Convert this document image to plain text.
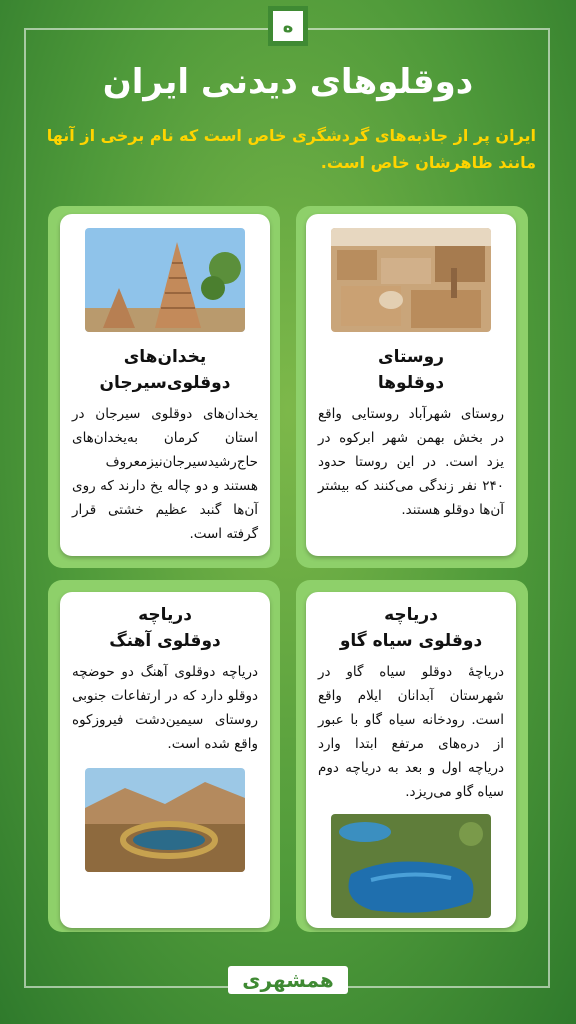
ه
دوقلوهای دیدنی ایران
ایران پر از جاذبه‌های گردشگری خاص است که نام برخی از آنها مانند ظاهرشان خاص است.
روستای
دوقلوها
روستای شهرآباد روستایی واقع در بخش بهمن شهر ابرکوه در یزد است. در این روستا حدود ۲۴۰ نفر زندگی می‌کنند که بیشتر آن‌ها دوقلو هستند.
یخدان‌های
دوقلوی‌سیرجان
یخدان‌های دوقلوی سیرجان در استان کرمان به‌یخدان‌های حاج‌رشیدسیرجان‌نیزمعروف هستند و دو چاله یخ دارند که روی آن‌ها گنبد عظیم خشتی قرار گرفته است.
دریاچه
دوقلوی سیاه گاو
دریاچهٔ دوقلو سیاه گاو در شهرستان آبدانان ایلام واقع است. رودخانه سیاه گاو با عبور از دره‌های مرتفع ابتدا وارد دریاچه اول و بعد به دریاچه دوم سیاه گاو می‌ریزد.
دریاچه
دوقلوی آهنگ
دریاچه دوقلوی آهنگ دو حوضچه دوقلو دارد که در ارتفاعات جنوبی روستای سیمین‌دشت فیروزکوه واقع شده است.
همشهری
